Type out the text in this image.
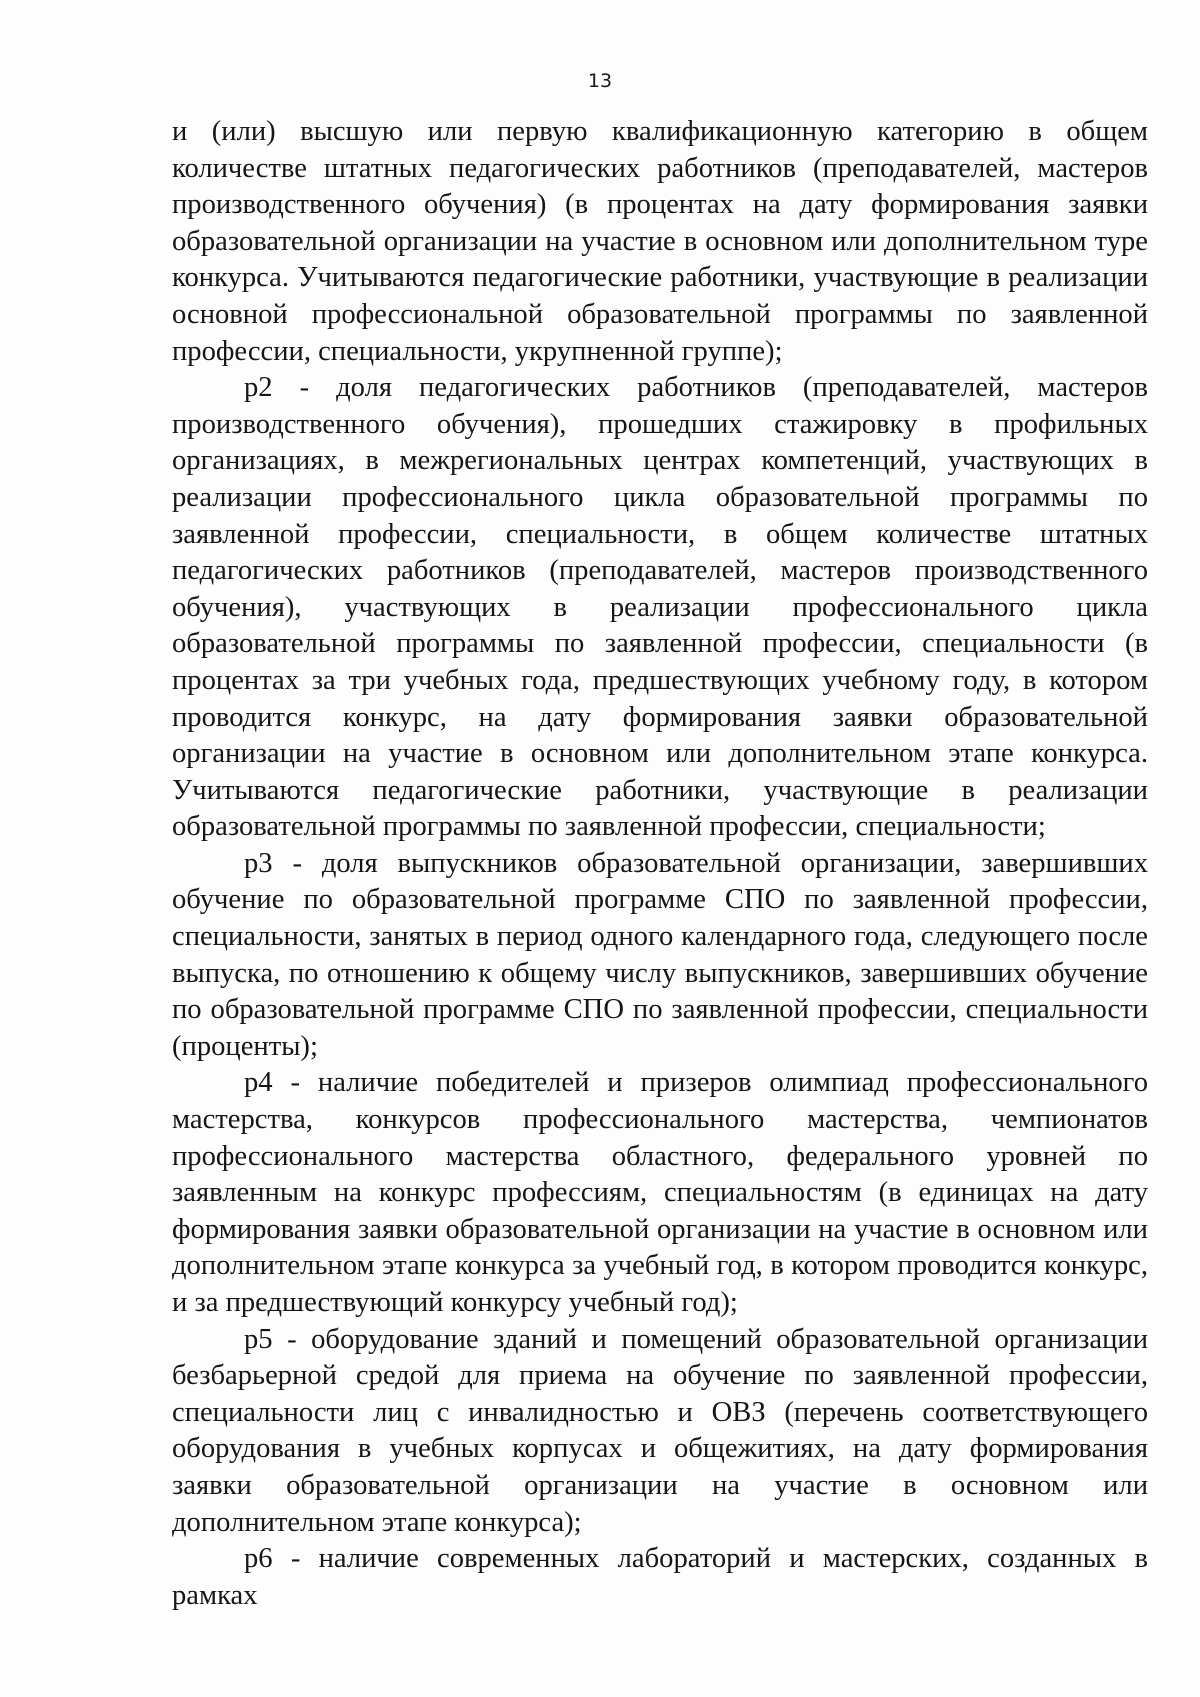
13

и (или) высшую или первую квалификационную категорию в общем количестве штатных педагогических работников (преподавателей, мастеров производственного обучения) (в процентах на дату формирования заявки образовательной организации на участие в основном или дополнительном туре конкурса. Учитываются педагогические работники, участвующие в реализации основной профессиональной образовательной программы по заявленной профессии, специальности, укрупненной группе);

p2 - доля педагогических работников (преподавателей, мастеров производственного обучения), прошедших стажировку в профильных организациях, в межрегиональных центрах компетенций, участвующих в реализации профессионального цикла образовательной программы по заявленной профессии, специальности, в общем количестве штатных педагогических работников (преподавателей, мастеров производственного обучения), участвующих в реализации профессионального цикла образовательной программы по заявленной профессии, специальности (в процентах за три учебных года, предшествующих учебному году, в котором проводится конкурс, на дату формирования заявки образовательной организации на участие в основном или дополнительном этапе конкурса. Учитываются педагогические работники, участвующие в реализации образовательной программы по заявленной профессии, специальности;

p3 - доля выпускников образовательной организации, завершивших обучение по образовательной программе СПО по заявленной профессии, специальности, занятых в период одного календарного года, следующего после выпуска, по отношению к общему числу выпускников, завершивших обучение по образовательной программе СПО по заявленной профессии, специальности (проценты);

p4 - наличие победителей и призеров олимпиад профессионального мастерства, конкурсов профессионального мастерства, чемпионатов профессионального мастерства областного, федерального уровней по заявленным на конкурс профессиям, специальностям (в единицах на дату формирования заявки образовательной организации на участие в основном или дополнительном этапе конкурса за учебный год, в котором проводится конкурс, и за предшествующий конкурсу учебный год);

p5 - оборудование зданий и помещений образовательной организации безбарьерной средой для приема на обучение по заявленной профессии, специальности лиц с инвалидностью и ОВЗ (перечень соответствующего оборудования в учебных корпусах и общежитиях, на дату формирования заявки образовательной организации на участие в основном или дополнительном этапе конкурса);

p6 - наличие современных лабораторий и мастерских, созданных в рамках
